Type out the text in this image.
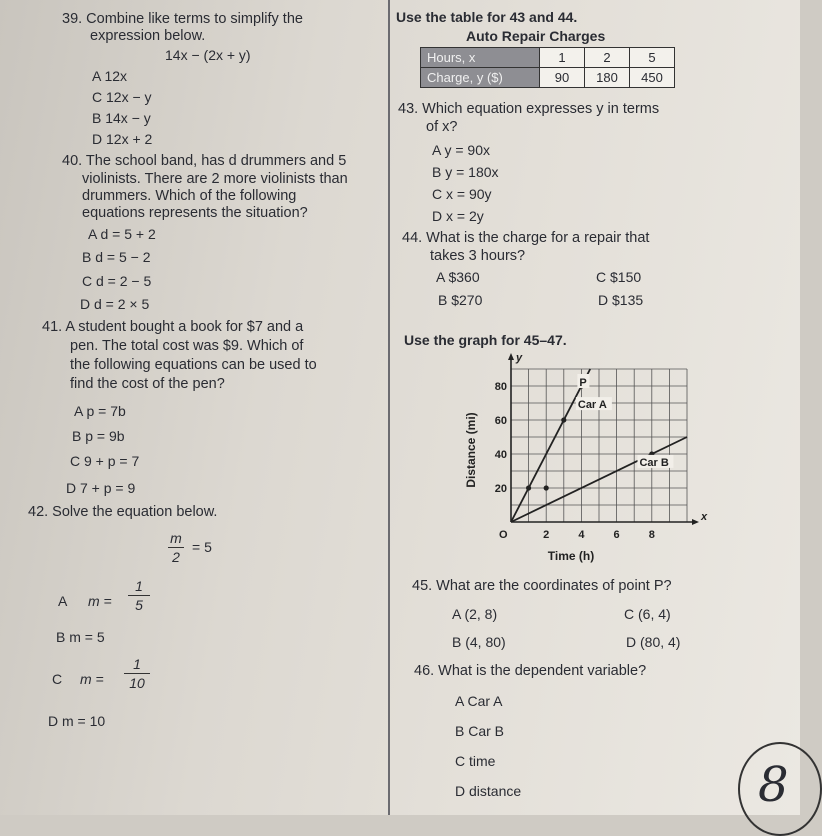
39. Combine like terms to simplify the
expression below.
14x − (2x + y)
A 12x
C 12x − y
B 14x − y
D 12x + 2
40. The school band, has d drummers and 5
violinists. There are 2 more violinists than
drummers. Which of the following
equations represents the situation?
A d = 5 + 2
B d = 5 − 2
C d = 2 − 5
D d = 2 × 5
41. A student bought a book for $7 and a
pen. The total cost was $9. Which of
the following equations can be used to
find the cost of the pen?
A p = 7b
B p = 9b
C 9 + p = 7
D 7 + p = 9
42. Solve the equation below.
m
2
= 5
A m =
1
5
B m = 5
C m =
1
10
D m = 10
Use the table for 43 and 44.
Auto Repair Charges
Hours, x	1	2	5
Charge, y ($)	90	180	450
43. Which equation expresses y in terms
of x?
A y = 90x
B y = 180x
C x = 90y
D x = 2y
44. What is the charge for a repair that
takes 3 hours?
A $360	C $150
B $270	D $135
Use the graph for 45–47.
2	4	6	8
20
40
60
80
O
x
y
Time (h)
Distance (mi)
Car A
Car B
P
45. What are the coordinates of point P?
A (2, 8)	C (6, 4)
B (4, 80)	D (80, 4)
46. What is the dependent variable?
A Car A
B Car B
C time
D distance	8
